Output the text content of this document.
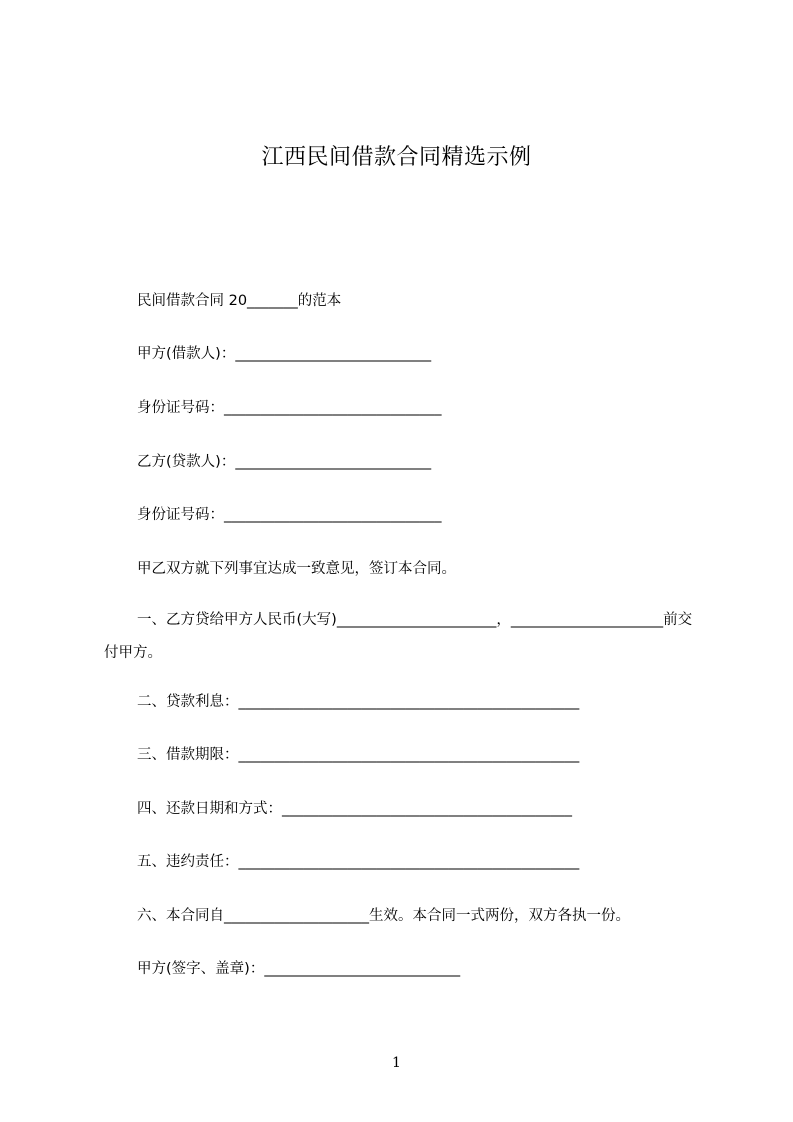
江西民间借款合同精选示例
民间借款合同 20_______的范本
甲方(借款人)：___________________________
身份证号码：______________________________
乙方(贷款人)：___________________________
身份证号码：______________________________
甲乙双方就下列事宜达成一致意见，签订本合同。
一、乙方贷给甲方人民币(大写)______________________，_____________________前交付甲方。
二、贷款利息：_______________________________________________
三、借款期限：_______________________________________________
四、还款日期和方式：________________________________________
五、违约责任：_______________________________________________
六、本合同自____________________生效。本合同一式两份，双方各执一份。
甲方(签字、盖章)：___________________________
1
